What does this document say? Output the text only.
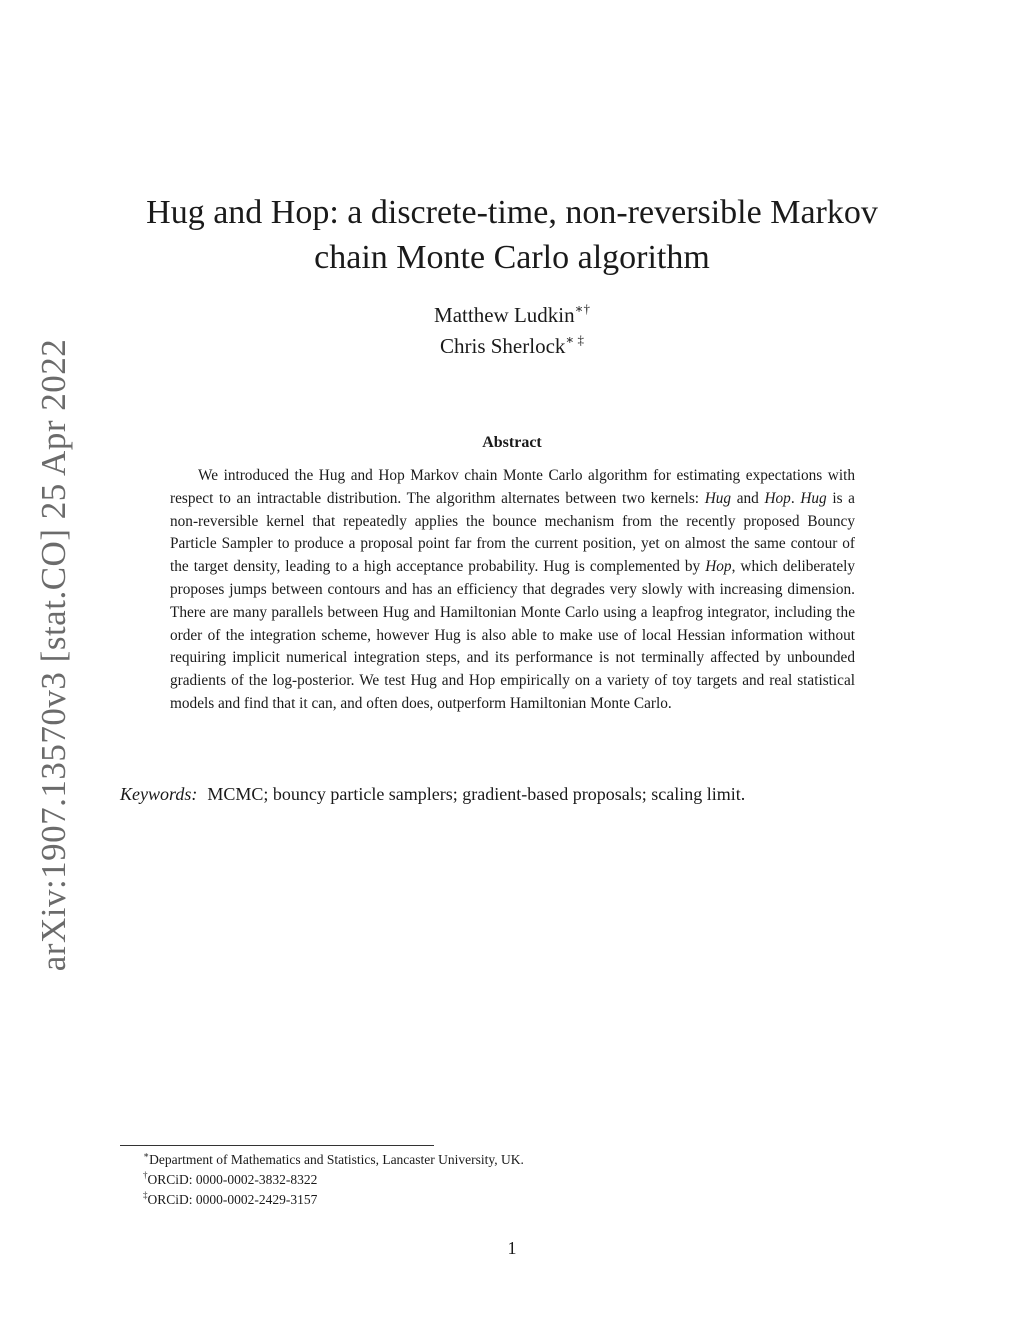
arXiv:1907.13570v3 [stat.CO] 25 Apr 2022
Hug and Hop: a discrete-time, non-reversible Markov
chain Monte Carlo algorithm
Matthew Ludkin∗†
Chris Sherlock∗ ‡
Abstract

We introduced the Hug and Hop Markov chain Monte Carlo algorithm for estimating expectations with respect to an intractable distribution. The algorithm alternates between two kernels: Hug and Hop. Hug is a non-reversible kernel that repeatedly applies the bounce mechanism from the recently proposed Bouncy Particle Sampler to produce a proposal point far from the current position, yet on almost the same contour of the target density, leading to a high acceptance probability. Hug is complemented by Hop, which deliberately proposes jumps between contours and has an efficiency that degrades very slowly with increasing dimension. There are many parallels between Hug and Hamiltonian Monte Carlo using a leapfrog integrator, including the order of the integration scheme, however Hug is also able to make use of local Hessian information without requiring implicit numerical integration steps, and its performance is not terminally affected by unbounded gradients of the log-posterior. We test Hug and Hop empirically on a variety of toy targets and real statistical models and find that it can, and often does, outperform Hamiltonian Monte Carlo.

Keywords: MCMC; bouncy particle samplers; gradient-based proposals; scaling limit.
∗Department of Mathematics and Statistics, Lancaster University, UK.
†ORCiD: 0000-0002-3832-8322
‡ORCiD: 0000-0002-2429-3157
1
